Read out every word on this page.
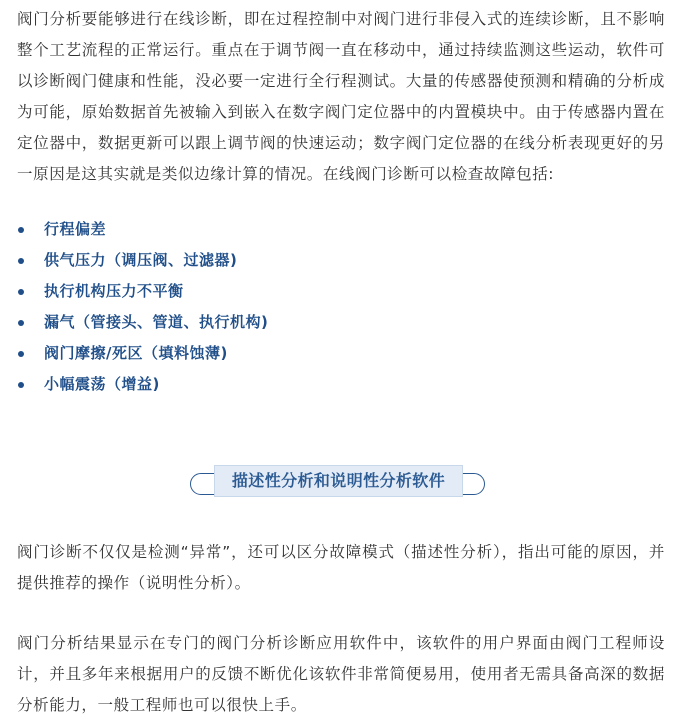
阀门分析要能够进行在线诊断，即在过程控制中对阀门进行非侵入式的连续诊断，且不影响整个工艺流程的正常运行。重点在于调节阀一直在移动中，通过持续监测这些运动，软件可以诊断阀门健康和性能，没必要一定进行全行程测试。大量的传感器使预测和精确的分析成为可能，原始数据首先被输入到嵌入在数字阀门定位器中的内置模块中。由于传感器内置在定位器中，数据更新可以跟上调节阀的快速运动；数字阀门定位器的在线分析表现更好的另一原因是这其实就是类似边缘计算的情况。在线阀门诊断可以检查故障包括:

行程偏差
供气压力（调压阀、过滤器)
执行机构压力不平衡
漏气（管接头、管道、执行机构)
阀门摩擦/死区（填料蚀薄)
小幅震荡（增益)
描述性分析和说明性分析软件

阀门诊断不仅仅是检测“异常”，还可以区分故障模式（描述性分析），指出可能的原因，并提供推荐的操作（说明性分析）。

阀门分析结果显示在专门的阀门分析诊断应用软件中，该软件的用户界面由阀门工程师设计，并且多年来根据用户的反馈不断优化该软件非常简便易用，使用者无需具备高深的数据分析能力，一般工程师也可以很快上手。
